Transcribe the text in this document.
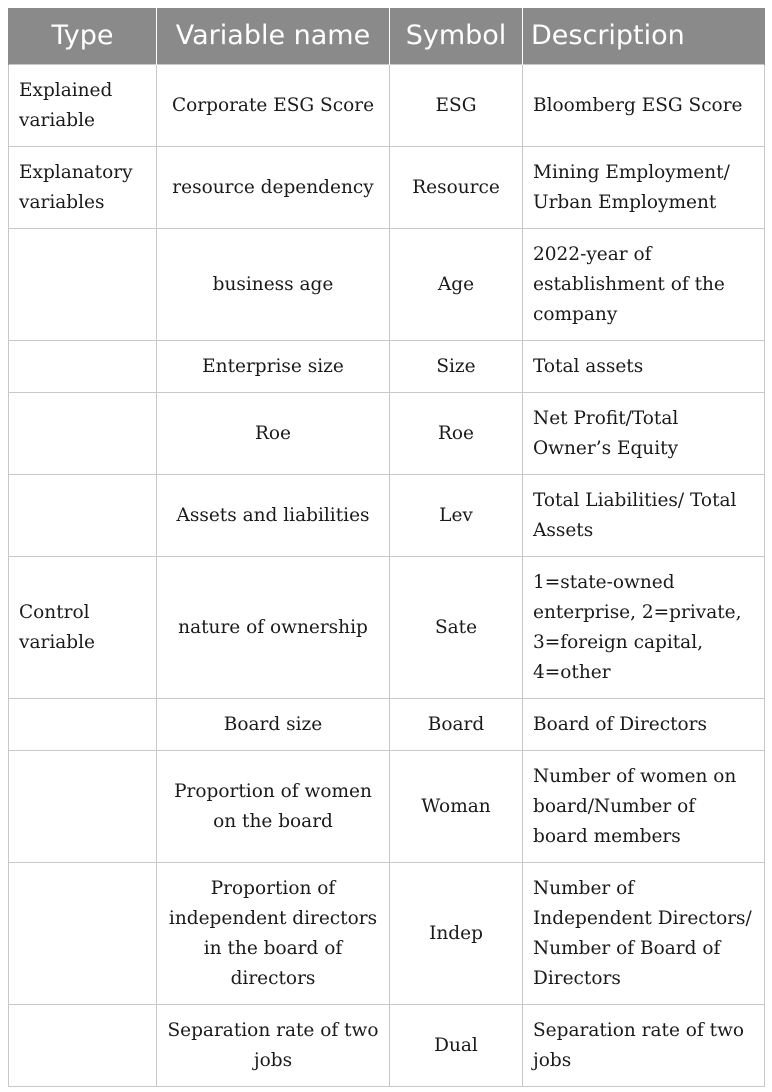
Type	Variable name	Symbol	Description
Explained variable	Corporate ESG Score	ESG	Bloomberg ESG Score
Explanatory variables	resource dependency	Resource	Mining Employment/ Urban Employment
	business age	Age	2022-year of establishment of the company
	Enterprise size	Size	Total assets
	Roe	Roe	Net Profit/Total Owner’s Equity
	Assets and liabilities	Lev	Total Liabilities/ Total Assets
Control variable	nature of ownership	Sate	1=state-owned enterprise, 2=private, 3=foreign capital, 4=other
	Board size	Board	Board of Directors
	Proportion of women on the board	Woman	Number of women on board/Number of board members
	Proportion of independent directors in the board of directors	Indep	Number of Independent Directors/ Number of Board of Directors
	Separation rate of two jobs	Dual	Separation rate of two jobs
